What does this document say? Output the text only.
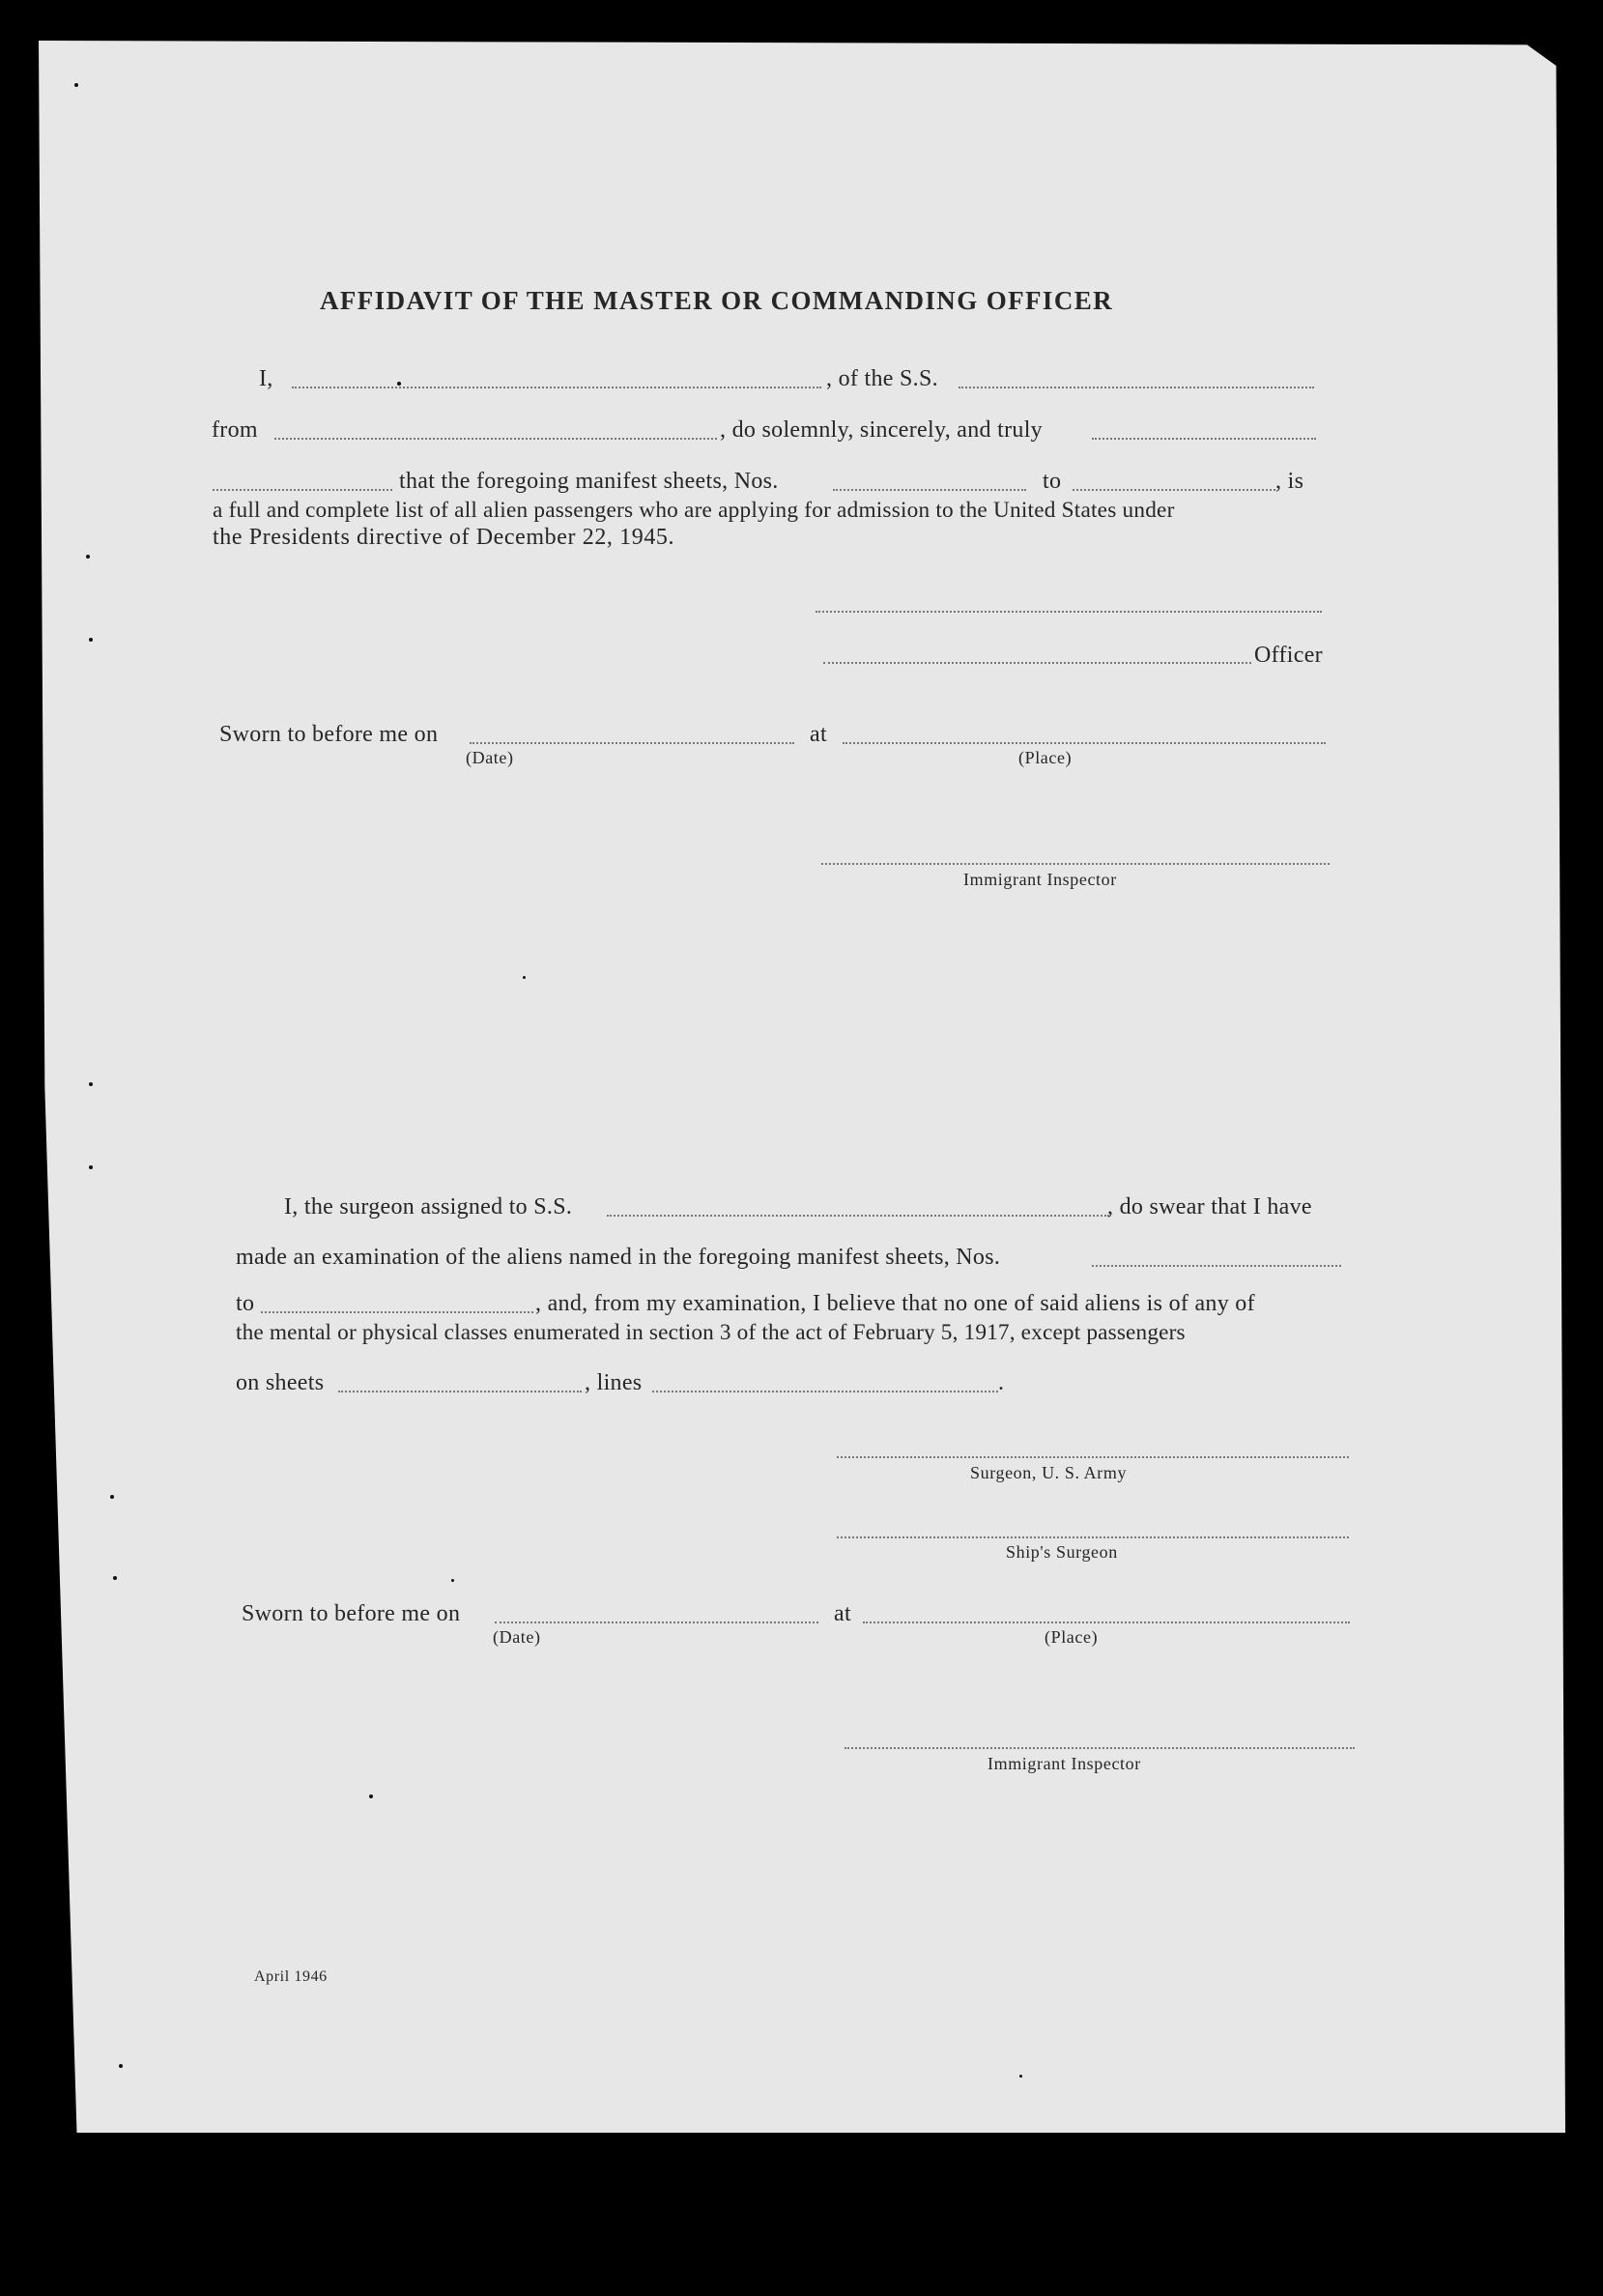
AFFIDAVIT OF THE MASTER OR COMMANDING OFFICER
I,	, of the S.S.
from	, do solemnly, sincerely, and truly
that the foregoing manifest sheets, Nos.	to	, is
a full and complete list of all alien passengers who are applying for admission to the United States under
the Presidents directive of December 22, 1945.
Officer
Sworn to before me on
(Date)
at
(Place)
Immigrant Inspector
I, the surgeon assigned to S.S.	, do swear that I have
made an examination of the aliens named in the foregoing manifest sheets, Nos.
to	, and, from my examination, I believe that no one of said aliens is of any of
the mental or physical classes enumerated in section 3 of the act of February 5, 1917, except passengers
on sheets	, lines	.
Surgeon, U. S. Army
Ship's Surgeon
Sworn to before me on
(Date)
at
(Place)
Immigrant Inspector
April 1946
